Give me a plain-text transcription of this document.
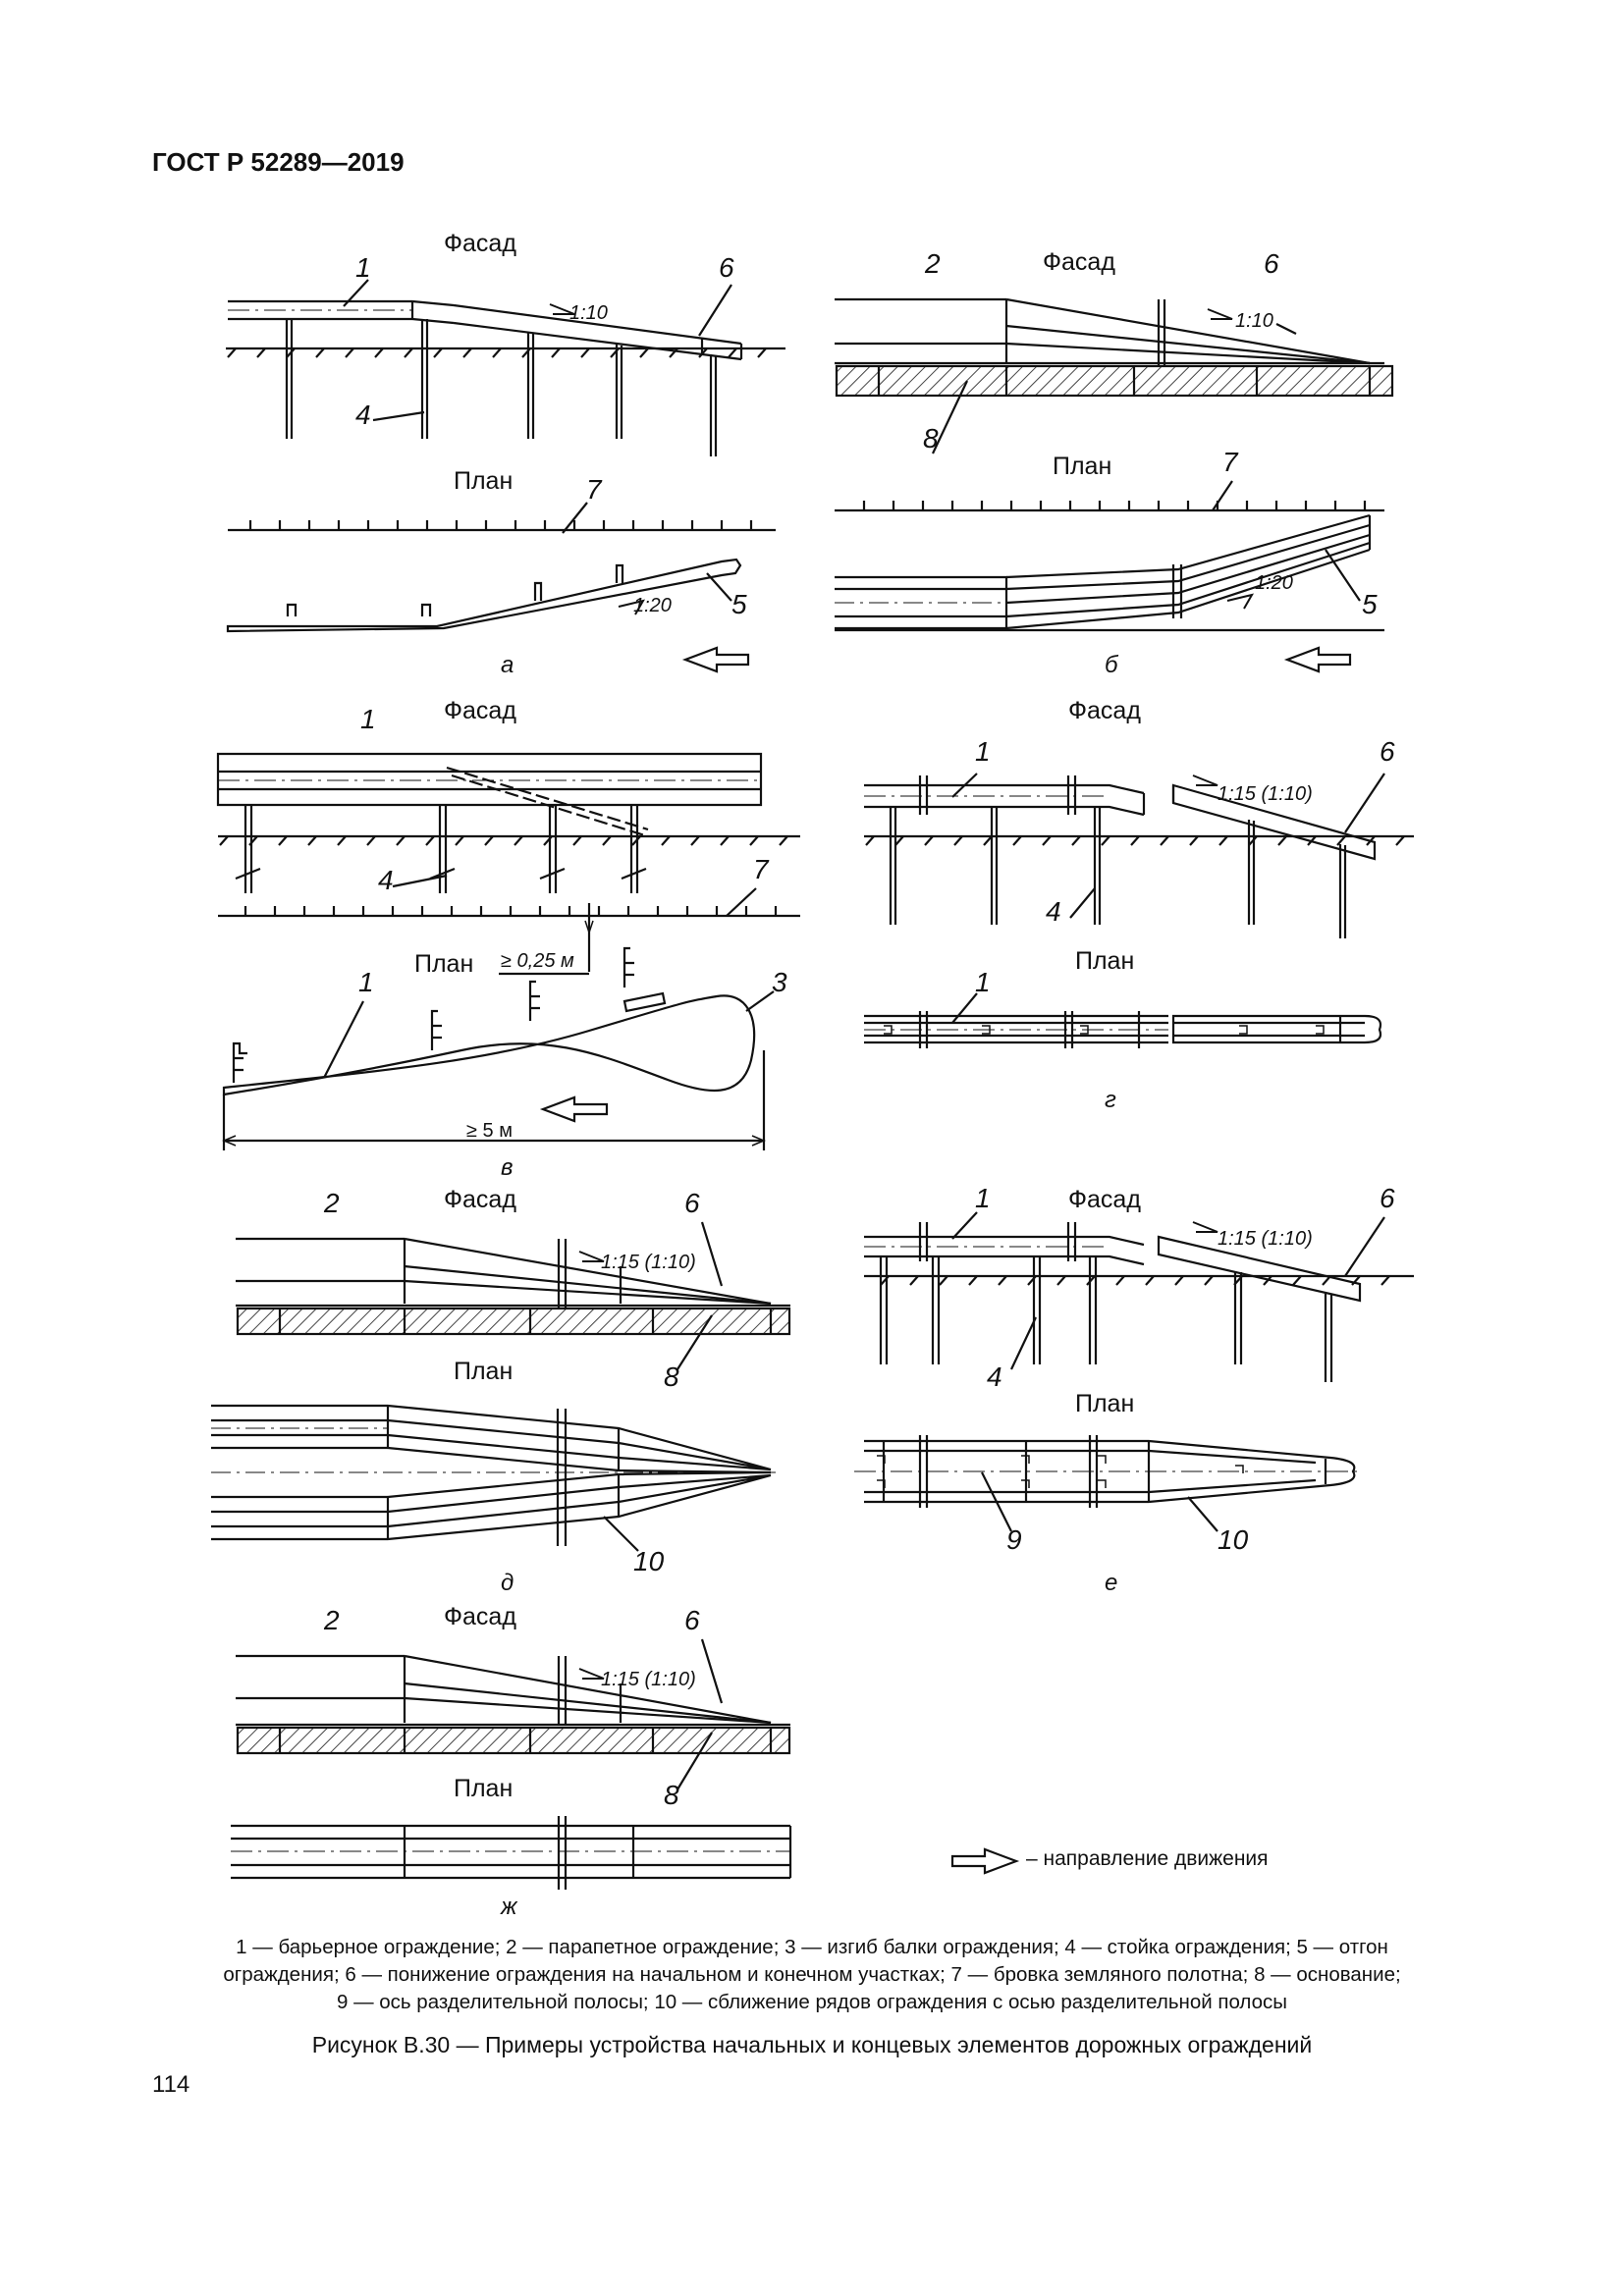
ГОСТ Р 52289—2019
Фасад
План
1	6
4
7
5
1:10
1:20
а
Фасад
План
2	6
8
7
5
1:10
1:20
б
Фасад
План
1
4	7
1	3
≥ 0,25 м
≥ 5 м
в
Фасад
План
1	6
4
1
1:15 (1:10)
г
Фасад
План
2	6
8
10
1:15 (1:10)
д
Фасад
План
1	6
4
9	10
1:15 (1:10)
е
Фасад
План
2	6
8
1:15 (1:10)
ж
– направление движения
1 — барьерное ограждение; 2 — парапетное ограждение; 3 — изгиб балки ограждения; 4 — стойка ограждения; 5 — отгон
ограждения; 6 — понижение ограждения на начальном и конечном участках; 7 — бровка земляного полотна; 8 — основание;
9 — ось разделительной полосы; 10 — сближение рядов ограждения с осью разделительной полосы
Рисунок В.30 — Примеры устройства начальных и концевых элементов дорожных ограждений
114
